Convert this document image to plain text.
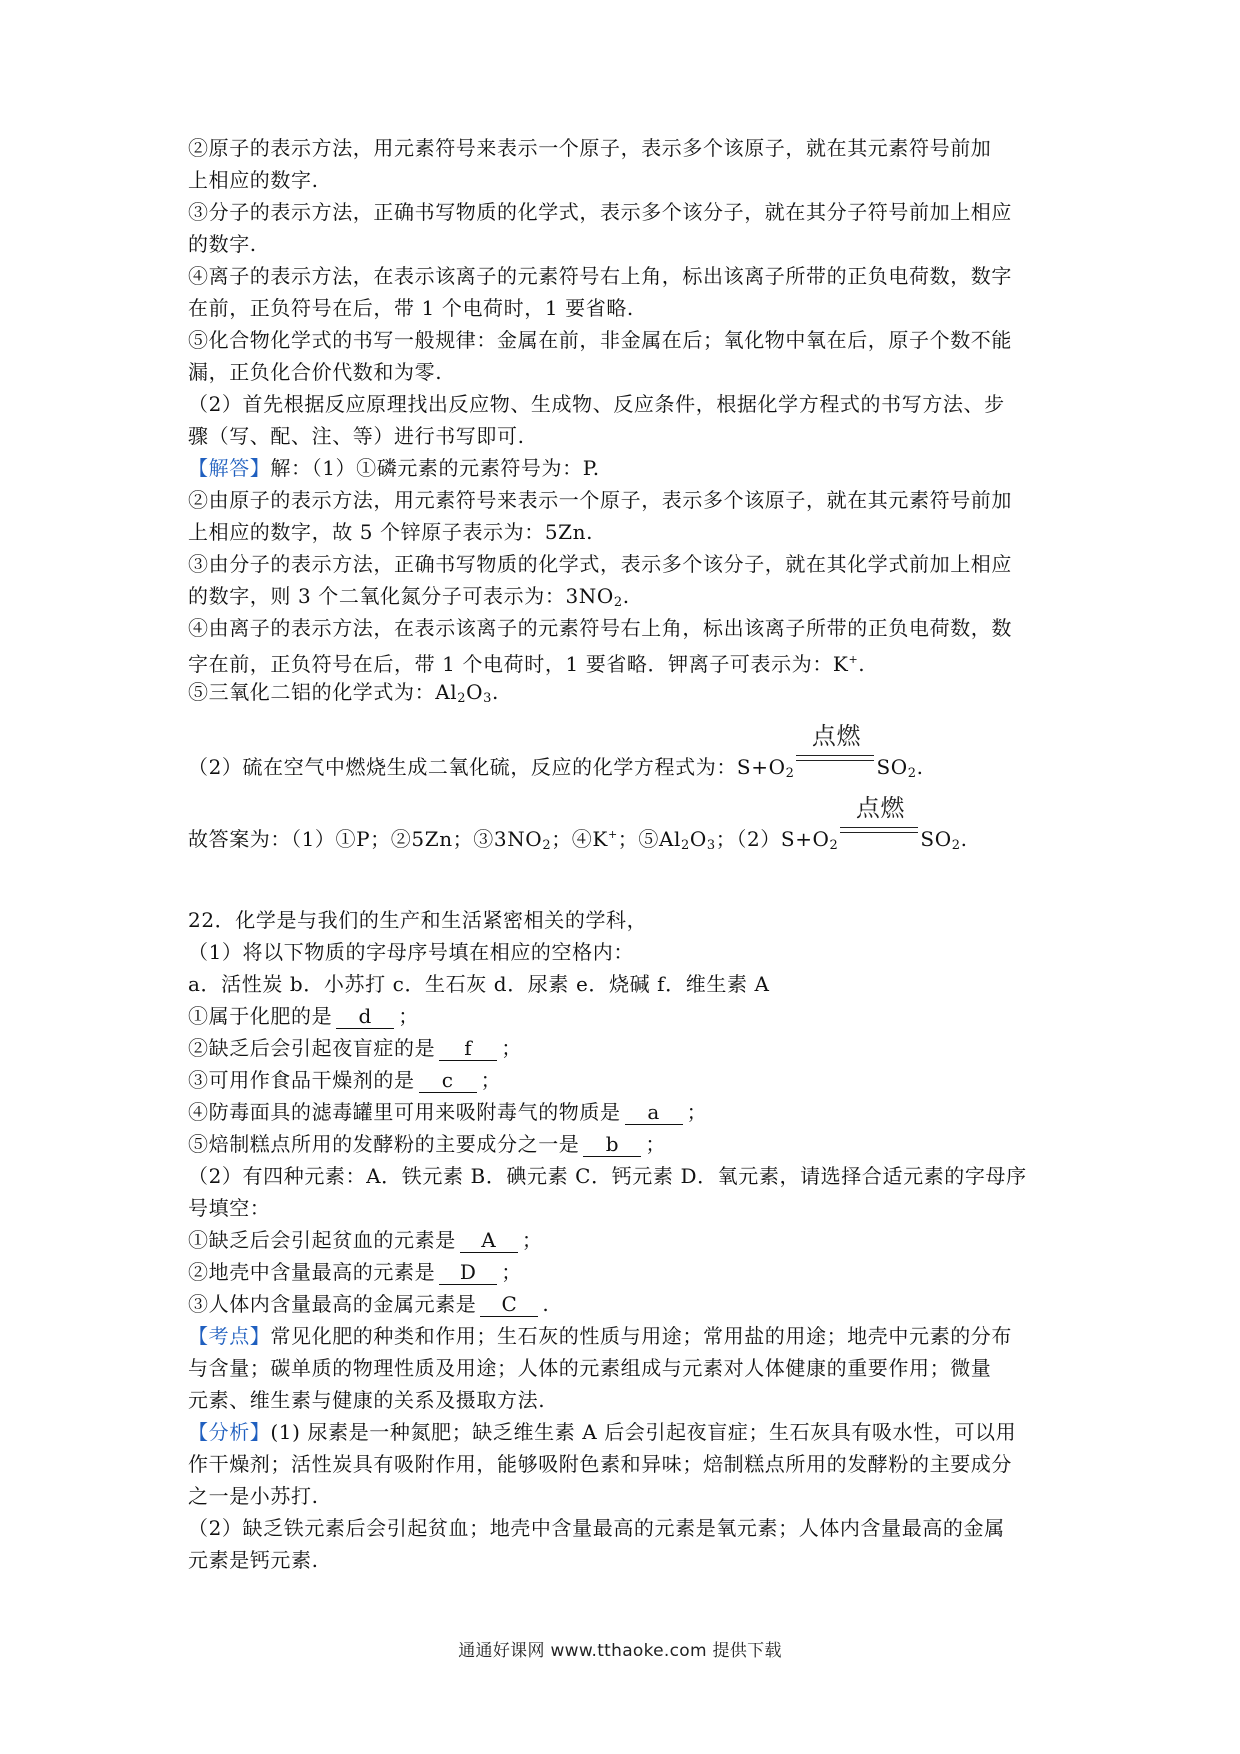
②原子的表示方法，用元素符号来表示一个原子，表示多个该原子，就在其元素符号前加
上相应的数字.
③分子的表示方法，正确书写物质的化学式，表示多个该分子，就在其分子符号前加上相应
的数字.
④离子的表示方法，在表示该离子的元素符号右上角，标出该离子所带的正负电荷数，数字
在前，正负符号在后，带 1 个电荷时，1 要省略.
⑤化合物化学式的书写一般规律：金属在前，非金属在后；氧化物中氧在后，原子个数不能
漏，正负化合价代数和为零.
（2）首先根据反应原理找出反应物、生成物、反应条件，根据化学方程式的书写方法、步
骤（写、配、注、等）进行书写即可.
【解答】解：（1）①磷元素的元素符号为：P.
②由原子的表示方法，用元素符号来表示一个原子，表示多个该原子，就在其元素符号前加
上相应的数字，故 5 个锌原子表示为：5Zn.
③由分子的表示方法，正确书写物质的化学式，表示多个该分子，就在其化学式前加上相应
的数字，则 3 个二氧化氮分子可表示为：$3NO_2$.
④由离子的表示方法，在表示该离子的元素符号右上角，标出该离子所带的正负电荷数，数
字在前，正负符号在后，带 1 个电荷时，1 要省略．钾离子可表示为：K+.
⑤三氧化二铝的化学式为：$Al_2O_3$.
（2）硫在空气中燃烧生成二氧化硫，反应的化学方程式为：$S+O_2$
点燃
$SO_2$.
故答案为：（1）①P；②5Zn；$③3NO_2$；④K+；$⑤Al_2O_3$；$(2)S+O_2$
点燃
$SO_2$.
22．化学是与我们的生产和生活紧密相关的学科，
（1）将以下物质的字母序号填在相应的空格内：
a．活性炭 b．小苏打 c．生石灰 d．尿素 e．烧碱 f．维生素 A
①属于化肥的是 d ；
②缺乏后会引起夜盲症的是 f ；
③可用作食品干燥剂的是 c ；
④防毒面具的滤毒罐里可用来吸附毒气的物质是 a ；
⑤焙制糕点所用的发酵粉的主要成分之一是 b ；
（2）有四种元素：A．铁元素 B．碘元素 C．钙元素 D．氧元素，请选择合适元素的字母序
号填空：
①缺乏后会引起贫血的元素是 A ；
②地壳中含量最高的元素是 D ；
③人体内含量最高的金属元素是 C .
【考点】常见化肥的种类和作用；生石灰的性质与用途；常用盐的用途；地壳中元素的分布
与含量；碳单质的物理性质及用途；人体的元素组成与元素对人体健康的重要作用；微量
元素、维生素与健康的关系及摄取方法.
【分析】(1) 尿素是一种氮肥；缺乏维生素 A 后会引起夜盲症；生石灰具有吸水性，可以用
作干燥剂；活性炭具有吸附作用，能够吸附色素和异味；焙制糕点所用的发酵粉的主要成分
之一是小苏打.
（2）缺乏铁元素后会引起贫血；地壳中含量最高的元素是氧元素；人体内含量最高的金属
元素是钙元素.
通通好课网 www.tthaoke.com 提供下载
